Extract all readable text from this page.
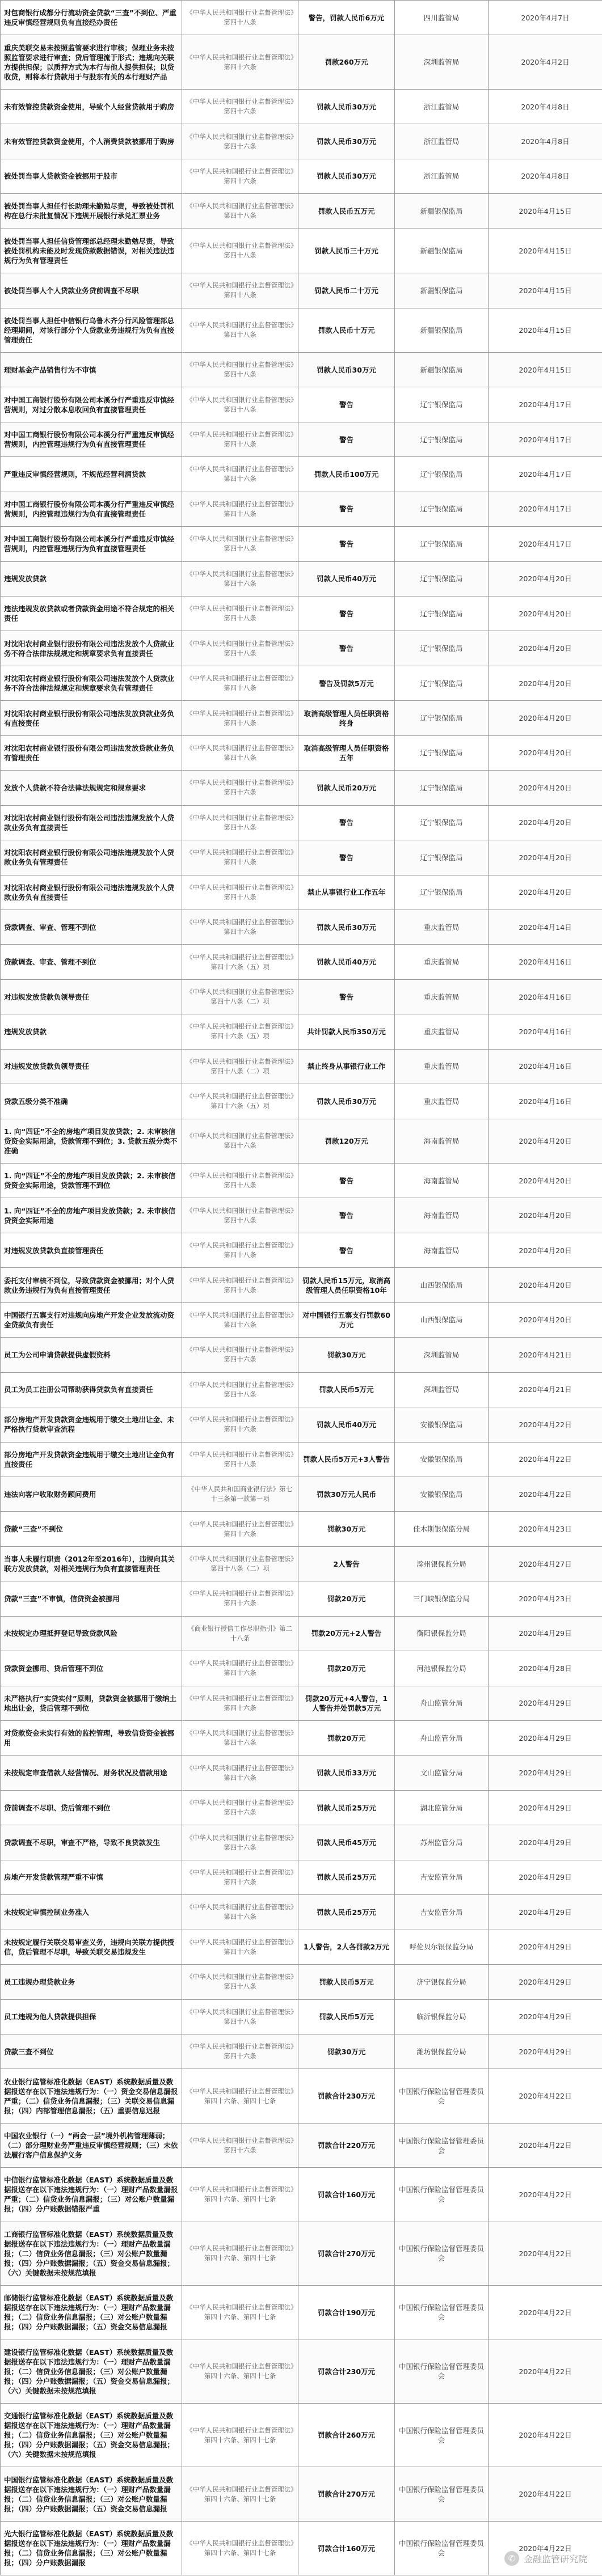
对包商银行成都分行流动资金贷款“三查”不到位、严重违反审慎经营规则负有直接经办责任	《中华人民共和国银行业监督管理法》第四十八条	警告，罚款人民币6万元	四川监管局	2020年4月7日
重庆美联交易未按照监管要求进行审核；保理业务未按照监管要求进行审查；贷后管理流于形式；违规向关联方提供担保；以质押方式为本行与他人提供担保；以贷收贷，则将本行贷款用于与股东有关的本行理财产品	《中华人民共和国银行业监督管理法》第四十六条	罚款260万元	深圳监管局	2020年4月2日
未有效管控贷款资金使用，导致个人经营贷款用于购房	《中华人民共和国银行业监督管理法》第四十六条	罚款人民币30万元	浙江监管局	2020年4月8日
未有效管控贷款资金使用，个人消费贷款被挪用于购房	《中华人民共和国银行业监督管理法》第四十六条	罚款人民币30万元	浙江监管局	2020年4月8日
被处罚当事人贷款资金被挪用于股市	《中华人民共和国银行业监督管理法》第四十六条	罚款人民币30万元	浙江监管局	2020年4月8日
被处罚当事人担任行长助理未勤勉尽责，导致被处罚机构在总行未批复情况下违规开展银行承兑汇票业务	《中华人民共和国银行业监督管理法》第四十八条	罚款人民币五万元	新疆银保监局	2020年4月15日
被处罚当事人担任信贷管理部总经理未勤勉尽责，导致被处罚机构未能及时发现贷款数据错误，对相关违法违规行为负有管理责任	《中华人民共和国银行业监督管理法》第四十八条	罚款人民币三十万元	新疆银保监局	2020年4月15日
被处罚当事人个人贷款业务贷前调查不尽职	《中华人民共和国银行业监督管理法》第四十八条	罚款人民币二十万元	新疆银保监局	2020年4月15日
被处罚当事人担任中信银行乌鲁木齐分行风险管理部总经理期间，对该行部分个人贷款业务违规行为负有直接管理责任	《中华人民共和国银行业监督管理法》第四十八条	罚款人民币十万元	新疆银保监局	2020年4月15日
理财基金产品销售行为不审慎	《中华人民共和国银行业监督管理法》第四十八条	罚款人民币30万元	新疆银保监局	2020年4月15日
对中国工商银行股份有限公司本溪分行严重违反审慎经营规则，对过分散本息收回负有直接管理责任	《中华人民共和国银行业监督管理法》第四十八条	警告	辽宁银保监局	2020年4月17日
对中国工商银行股份有限公司本溪分行严重违反审慎经营规则，内控管理违规行为负有直接管理责任	《中华人民共和国银行业监督管理法》第四十八条	警告	辽宁银保监局	2020年4月17日
严重违反审慎经营规则，不规范经营利润贷款	《中华人民共和国银行业监督管理法》第四十六条	罚款人民币100万元	辽宁银保监局	2020年4月17日
对中国工商银行股份有限公司本溪分行严重违反审慎经营规则，内控管理违规行为负有直接管理责任	《中华人民共和国银行业监督管理法》第四十八条	警告	辽宁银保监局	2020年4月17日
对中国工商银行股份有限公司本溪分行严重违反审慎经营规则，内控管理违规行为负有直接管理责任	《中华人民共和国银行业监督管理法》第四十八条	警告	辽宁银保监局	2020年4月17日
违规发放贷款	《中华人民共和国银行业监督管理法》第四十六条	罚款人民币40万元	辽宁银保监局	2020年4月20日
违法违规发放贷款或者贷款资金用途不符合规定的相关责任	《中华人民共和国银行业监督管理法》第四十八条	警告	辽宁银保监局	2020年4月20日
对沈阳农村商业银行股份有限公司违法发放个人贷款业务不符合法律法规规定和规章要求负有直接责任	《中华人民共和国银行业监督管理法》第四十八条	警告	辽宁银保监局	2020年4月20日
对沈阳农村商业银行股份有限公司违法发放个人贷款业务不符合法律法规规定和规章要求负有管理责任	《中华人民共和国银行业监督管理法》第四十八条	警告及罚款5万元	辽宁银保监局	2020年4月20日
对沈阳农村商业银行股份有限公司违法发放贷款业务负有直接责任	《中华人民共和国银行业监督管理法》第四十八条	取消高级管理人员任职资格终身	辽宁银保监局	2020年4月20日
对沈阳农村商业银行股份有限公司违法发放贷款业务负有管理责任	《中华人民共和国银行业监督管理法》第四十八条	取消高级管理人员任职资格五年	辽宁银保监局	2020年4月20日
发放个人贷款不符合法律法规规定和规章要求	《中华人民共和国银行业监督管理法》第四十六条	罚款人民币20万元	辽宁银保监局	2020年4月20日
对沈阳农村商业银行股份有限公司违法违规发放个人贷款业务负有直接责任	《中华人民共和国银行业监督管理法》第四十八条	警告	辽宁银保监局	2020年4月20日
对沈阳农村商业银行股份有限公司违法违规发放个人贷款业务负有管理责任	《中华人民共和国银行业监督管理法》第四十八条	警告	辽宁银保监局	2020年4月20日
对沈阳农村商业银行股份有限公司违法违规发放个人贷款业务负有直接责任	《中华人民共和国银行业监督管理法》第四十八条	禁止从事银行业工作五年	辽宁银保监局	2020年4月20日
贷款调查、审查、管理不到位	《中华人民共和国银行业监督管理法》第四十六条	罚款人民币30万元	重庆监管局	2020年4月14日
贷款调查、审查、管理不到位	《中华人民共和国银行业监督管理法》第四十六条（五）项	罚款人民币40万元	重庆监管局	2020年4月16日
对违规发放贷款负领导责任	《中华人民共和国银行业监督管理法》第四十八条（二）项	警告	重庆监管局	2020年4月16日
违规发放贷款	《中华人民共和国银行业监督管理法》第四十六条（五）项	共计罚款人民币350万元	重庆监管局	2020年4月16日
对违规发放贷款负领导责任	《中华人民共和国银行业监督管理法》第四十八条（二）项	禁止终身从事银行业工作	重庆监管局	2020年4月16日
贷款五级分类不准确	《中华人民共和国银行业监督管理法》第四十六条（五）项	罚款人民币30万元	重庆监管局	2020年4月16日
1. 向“四证”不全的房地产项目发放贷款；2. 未审核信贷资金实际用途，贷款管理不到位；3. 贷款五级分类不准确	《中华人民共和国银行业监督管理法》第四十六条	罚款120万元	海南监管局	2020年4月20日
1. 向“四证”不全的房地产项目发放贷款；2. 未审核信贷资金实际用途，贷款管理不到位	《中华人民共和国银行业监督管理法》第四十八条	警告	海南监管局	2020年4月20日
1. 向“四证”不全的房地产项目发放贷款；2. 未审核信贷资金实际用途	《中华人民共和国银行业监督管理法》第四十八条	警告	海南监管局	2020年4月20日
对违规发放贷款负直接管理责任	《中华人民共和国银行业监督管理法》第四十八条	警告	海南监管局	2020年4月20日
委托支付审核不到位，导致贷款资金被挪用；对个人贷款业务违规行为负有直接管理责任	《中华人民共和国银行业监督管理法》第四十八条	罚款人民币15万元，取消高级管理人员任职资格10年	山西银保监局	2020年4月20日
中国银行五寨支行对违规向房地产开发企业发放流动资金贷款负有责任	《中华人民共和国银行业监督管理法》第四十六条	对中国银行五寨支行罚款60万元	山西银保监局	2020年4月20日
员工为公司申请贷款提供虚假资料	《中华人民共和国银行业监督管理法》第四十六条	罚款30万元	深圳监管局	2020年4月21日
员工为员工注册公司帮助获得贷款负有直接责任	《中华人民共和国银行业监督管理法》第四十八条	罚款人民币5万元	深圳监管局	2020年4月21日
部分房地产开发贷款资金违规用于缴交土地出让金、未严格执行贷款审查流程	《中华人民共和国银行业监督管理法》第四十六条	罚款人民币40万元	安徽银保监局	2020年4月22日
部分房地产开发贷款资金违规用于缴交土地出让金负有直接责任	《中华人民共和国银行业监督管理法》第四十八条	罚款人民币5万元+3人警告	安徽银保监局	2020年4月22日
违法向客户收取财务顾问费用	《中华人民共和国商业银行法》第七十三条第一款第一项	罚款30万元人民币	安徽银保监局	2020年4月22日
贷款“三查”不到位	《中华人民共和国银行业监督管理法》第四十六条	罚款30万元	佳木斯银保监分局	2020年4月23日
当事人未履行职责（2012年至2016年），违规向其关联方发放贷款，对相关违规行为负有直接管理责任	《中华人民共和国银行业监督管理法》第四十八条（二）项	2人警告	滁州银保监分局	2020年4月27日
贷款“三查”不审慎，信贷资金被挪用	《中华人民共和国银行业监督管理法》第四十六条	罚款20万元	三门峡银保监分局	2020年4月23日
未按规定办理抵押登记导致贷款风险	《商业银行授信工作尽职指引》第二十八条	罚款20万元+2人警告	衡阳银保监分局	2020年4月29日
贷款资金挪用、贷后管理不到位	《中华人民共和国银行业监督管理法》第四十六条	罚款20万元	河池银保监分局	2020年4月28日
未严格执行“实贷实付”原则，贷款资金被挪用于缴纳土地出让金，贷后管理不到位	《中华人民共和国银行业监督管理法》第四十六条	罚款20万元+4人警告，1人警告并处罚款5万元	舟山监管分局	2020年4月29日
对贷款资金未实行有效的监控管理，导致信贷资金被挪用	《中华人民共和国银行业监督管理法》第四十六条	罚款20万元	舟山监管分局	2020年4月29日
未按规定审查借款人经营情况、财务状况及借款用途	《中华人民共和国银行业监督管理法》第四十六条	罚款人民币33万元	文山监管分局	2020年4月29日
贷前调查不尽职、贷后管理不到位	《中华人民共和国银行业监督管理法》第四十六条	罚款人民币25万元	湖北监管分局	2020年4月29日
贷款调查不尽职，审查不严格，导致不良贷款发生	《中华人民共和国银行业监督管理法》第四十六条	罚款人民币45万元	苏州监管分局	2020年4月29日
房地产开发贷款管理严重不审慎	《中华人民共和国银行业监督管理法》第四十六条	罚款人民币25万元	吉安监管分局	2020年4月29日
未按规定审慎控制业务准入	《中华人民共和国银行业监督管理法》第四十六条	罚款人民币25万元	吉安监管分局	2020年4月29日
未按规定履行关联交易审查义务，违规向关联方提供授信，贷后管理不尽职，导致关联交易违规发生	《中华人民共和国银行业监督管理法》第四十六条	1人警告，2人各罚款2万元	呼伦贝尔银保监分局	2020年4月29日
员工违规办理贷款业务	《中华人民共和国银行业监督管理法》第四十八条	罚款人民币5万元	济宁银保监分局	2020年4月29日
员工违规为他人贷款提供担保	《中华人民共和国银行业监督管理法》第四十八条	罚款人民币5万元	临沂银保监分局	2020年4月29日
贷款三查不到位	《中华人民共和国银行业监督管理法》第四十六条	罚款30万元	潍坊银保监分局	2020年4月29日
农业银行监管标准化数据（EAST）系统数据质量及数据报送存在以下违法违规行为：（一）资金交易信息漏报严重；（二）信贷业务信息漏报；（三）关联交易信息漏报；（四）内部管理信息漏报；（五）重要信息迟报	《中华人民共和国银行业监督管理法》第四十六条、第四十七条	罚款合计230万元	中国银行保险监督管理委员会	2020年4月22日
中国农业银行（一）“两会一层”境外机构管理薄弱；（二）部分理财业务严重违反审慎经营规则；（三）未依法履行客户信息保护义务	《中华人民共和国银行业监督管理法》第四十六条	罚款合计220万元	中国银行保险监督管理委员会	2020年4月22日
中信银行监管标准化数据（EAST）系统数据质量及数据报送存在以下违法违规行为：（一）理财产品数量漏报严重；（二）信贷业务信息漏报；（三）对公账户数量漏报；（四）分户账数据错报严重	《中华人民共和国银行业监督管理法》第四十六条、第四十七条	罚款合计160万元	中国银行保险监督管理委员会	2020年4月22日
工商银行监管标准化数据（EAST）系统数据质量及数据报送存在以下违法违规行为：（一）理财产品数量漏报；（二）信贷业务信息漏报；（三）对公账户数量漏报；（四）分户账数据漏报；（五）资金交易信息漏报；（六）关键数据未按规范填报	《中华人民共和国银行业监督管理法》第四十六条、第四十七条	罚款合计270万元	中国银行保险监督管理委员会	2020年4月22日
邮储银行监管标准化数据（EAST）系统数据质量及数据报送存在以下违法违规行为：（一）理财产品数量漏报；（二）信贷业务信息漏报；（三）对公账户数量漏报；（四）分户账数据漏报；（五）资金交易信息漏报	《中华人民共和国银行业监督管理法》第四十六条、第四十七条	罚款合计190万元	中国银行保险监督管理委员会	2020年4月22日
建设银行监管标准化数据（EAST）系统数据质量及数据报送存在以下违法违规行为：（一）理财产品数量漏报；（二）信贷业务信息漏报；（三）对公账户数量漏报；（四）分户账数据漏报；（五）资金交易信息漏报；（六）关键数据未按规范填报	《中华人民共和国银行业监督管理法》第四十六条、第四十七条	罚款合计230万元	中国银行保险监督管理委员会	2020年4月22日
交通银行监管标准化数据（EAST）系统数据质量及数据报送存在以下违法违规行为：（一）理财产品数量漏报；（二）信贷业务信息漏报；（三）对公账户数量漏报；（四）分户账数据漏报；（五）资金交易信息漏报；（六）关键数据未按规范填报	《中华人民共和国银行业监督管理法》第四十六条、第四十七条	罚款合计260万元	中国银行保险监督管理委员会	2020年4月22日
中国银行监管标准化数据（EAST）系统数据质量及数据报送存在以下违法违规行为：（一）理财产品数量漏报；（二）信贷业务信息漏报；（三）对公账户数量漏报；（四）分户账数据漏报；（五）资金交易信息漏报	《中华人民共和国银行业监督管理法》第四十六条、第四十七条	罚款合计270万元	中国银行保险监督管理委员会	2020年4月22日
光大银行监管标准化数据（EAST）系统数据质量及数据报送存在以下违法违规行为：（一）理财产品数量漏报；（二）信贷业务信息漏报；（三）对公账户数量漏报；（四）分户账数据漏报	《中华人民共和国银行业监督管理法》第四十六条、第四十七条	罚款合计160万元	中国银行保险监督管理委员会	2020年4月22日
✆ 金融监管研究院
